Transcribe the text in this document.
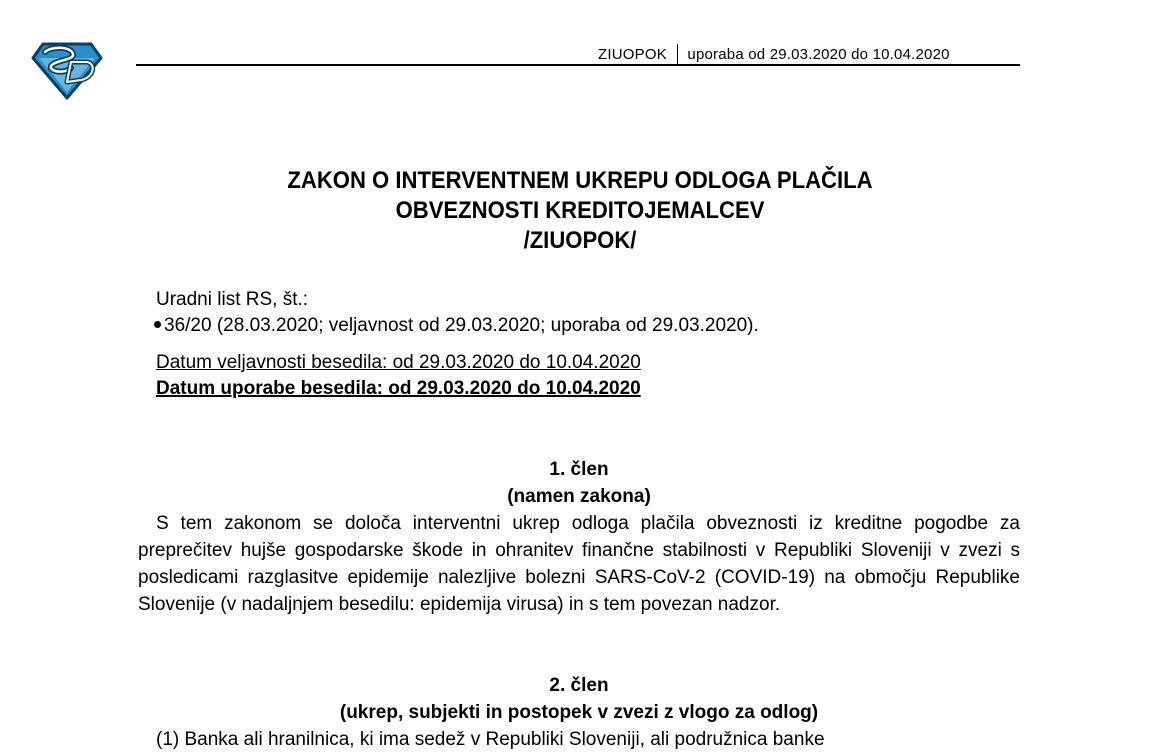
ZIUOPOK uporaba od 29.03.2020 do 10.04.2020
ZAKON O INTERVENTNEM UKREPU ODLOGA PLAČILA
OBVEZNOSTI KREDITOJEMALCEV
/ZIUOPOK/
Uradni list RS, št.:
36/20 (28.03.2020; veljavnost od 29.03.2020; uporaba od 29.03.2020).
Datum veljavnosti besedila: od 29.03.2020 do 10.04.2020
Datum uporabe besedila: od 29.03.2020 do 10.04.2020
1. člen
(namen zakona)
S tem zakonom se določa interventni ukrep odloga plačila obveznosti iz kreditne pogodbe za preprečitev hujše gospodarske škode in ohranitev finančne stabilnosti v Republiki Sloveniji v zvezi s posledicami razglasitve epidemije nalezljive bolezni SARS-CoV-2 (COVID-19) na območju Republike Slovenije (v nadaljnjem besedilu: epidemija virusa) in s tem povezan nadzor.
2. člen
(ukrep, subjekti in postopek v zvezi z vlogo za odlog)
(1) Banka ali hranilnica, ki ima sedež v Republiki Sloveniji, ali podružnica banke
